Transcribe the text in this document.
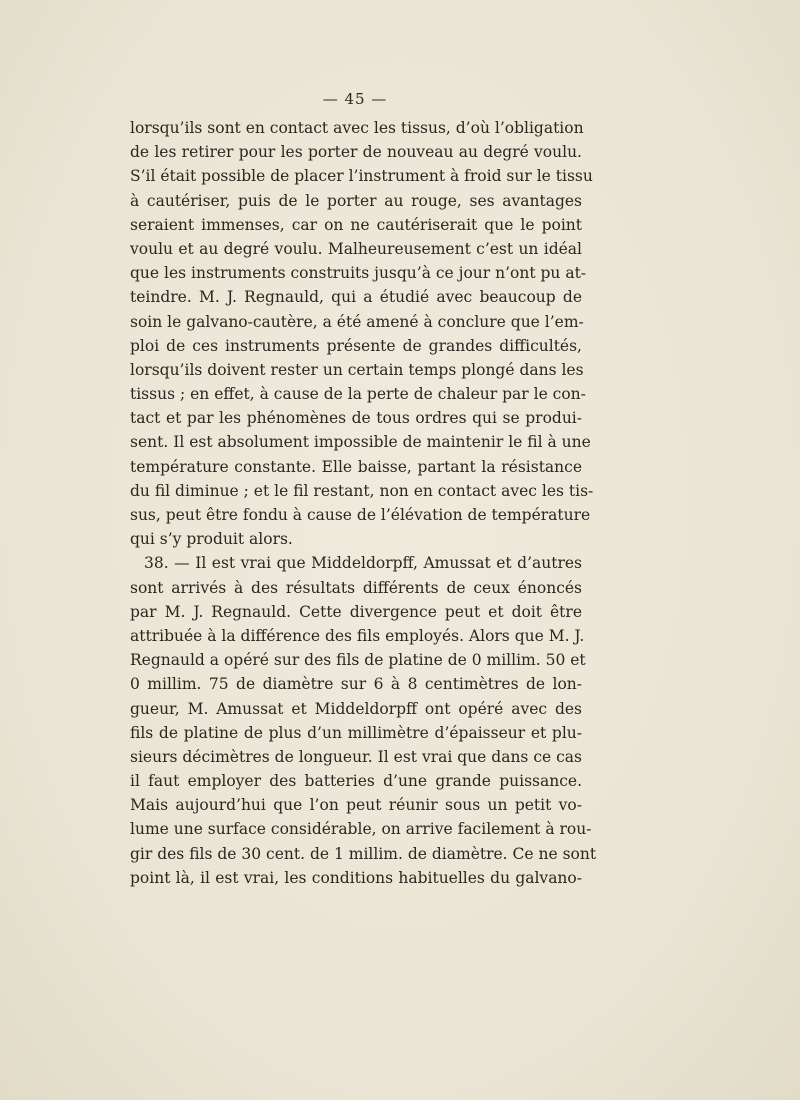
— 45 —
lorsqu’ils sont en contact avec les tissus, d’où l’obligation
de les retirer pour les porter de nouveau au degré voulu.
S’il était possible de placer l’instrument à froid sur le tissu
à cautériser, puis de le porter au rouge, ses avantages
seraient immenses, car on ne cautériserait que le point
voulu et au degré voulu. Malheureusement c’est un idéal
que les instruments construits jusqu’à ce jour n’ont pu at-
teindre. M. J. Regnauld, qui a étudié avec beaucoup de
soin le galvano-cautère, a été amené à conclure que l’em-
ploi de ces instruments présente de grandes difficultés,
lorsqu’ils doivent rester un certain temps plongé dans les
tissus ; en effet, à cause de la perte de chaleur par le con-
tact et par les phénomènes de tous ordres qui se produi-
sent. Il est absolument impossible de maintenir le fil à une
température constante. Elle baisse, partant la résistance
du fil diminue ; et le fil restant, non en contact avec les tis-
sus, peut être fondu à cause de l’élévation de température
qui s’y produit alors.
38. — Il est vrai que Middeldorpff, Amussat et d’autres
sont arrivés à des résultats différents de ceux énoncés
par M. J. Regnauld. Cette divergence peut et doit être
attribuée à la différence des fils employés. Alors que M. J.
Regnauld a opéré sur des fils de platine de 0 millim. 50 et
0 millim. 75 de diamètre sur 6 à 8 centimètres de lon-
gueur, M. Amussat et Middeldorpff ont opéré avec des
fils de platine de plus d’un millimètre d’épaisseur et plu-
sieurs décimètres de longueur. Il est vrai que dans ce cas
il faut employer des batteries d’une grande puissance.
Mais aujourd’hui que l’on peut réunir sous un petit vo-
lume une surface considérable, on arrive facilement à rou-
gir des fils de 30 cent. de 1 millim. de diamètre. Ce ne sont
point là, il est vrai, les conditions habituelles du galvano-
